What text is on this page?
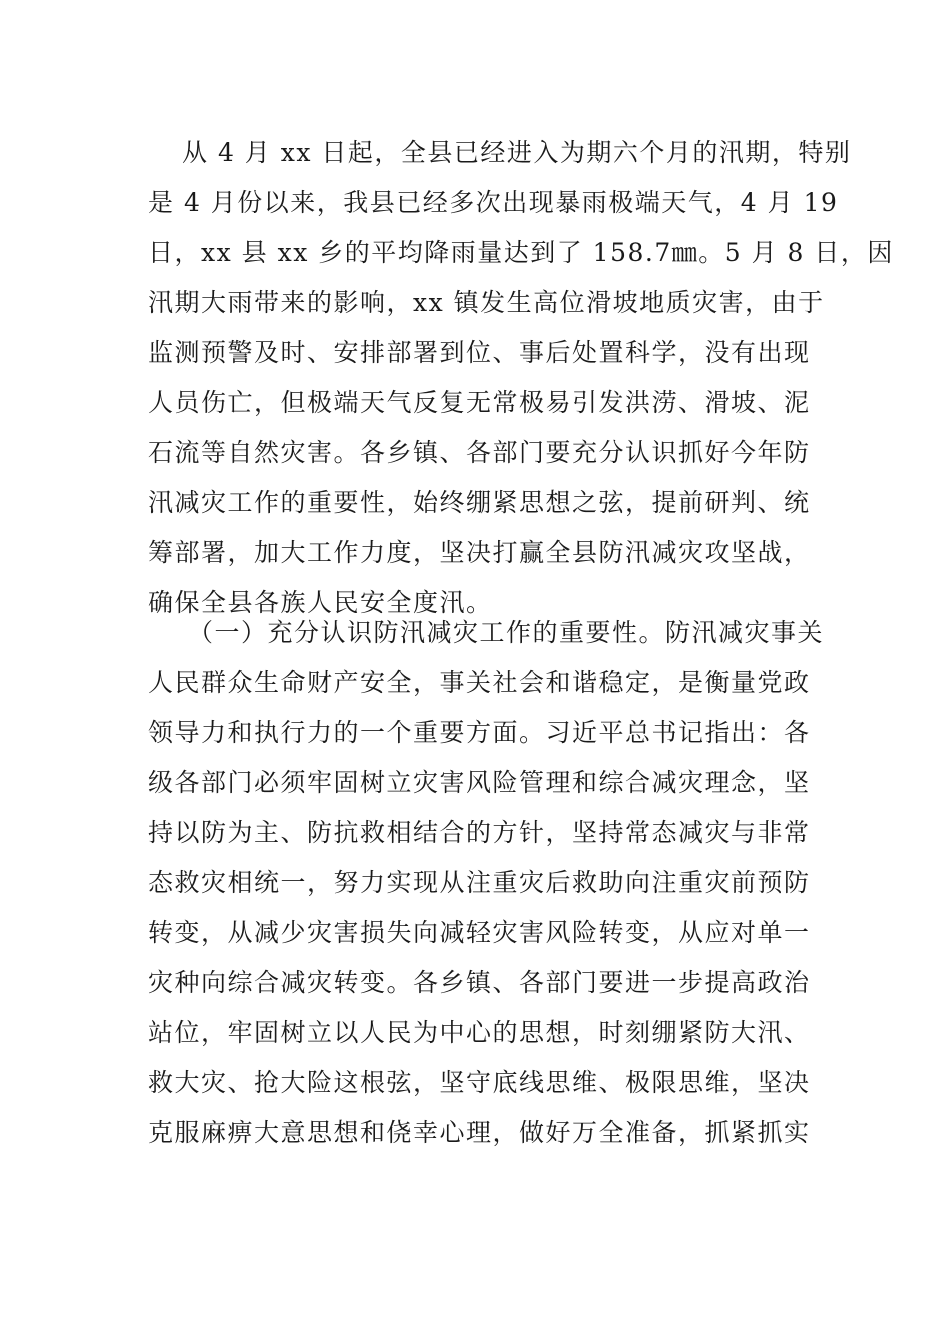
从 4 月 xx 日起，全县已经进入为期六个月的汛期，特别
是 4 月份以来，我县已经多次出现暴雨极端天气，4 月 19
日，xx 县 xx 乡的平均降雨量达到了 158.7㎜。5 月 8 日，因
汛期大雨带来的影响，xx 镇发生高位滑坡地质灾害，由于
监测预警及时、安排部署到位、事后处置科学，没有出现
人员伤亡，但极端天气反复无常极易引发洪涝、滑坡、泥
石流等自然灾害。各乡镇、各部门要充分认识抓好今年防
汛减灾工作的重要性，始终绷紧思想之弦，提前研判、统
筹部署，加大工作力度，坚决打赢全县防汛减灾攻坚战，
确保全县各族人民安全度汛。
（一）充分认识防汛减灾工作的重要性。防汛减灾事关
人民群众生命财产安全，事关社会和谐稳定，是衡量党政
领导力和执行力的一个重要方面。习近平总书记指出：各
级各部门必须牢固树立灾害风险管理和综合减灾理念，坚
持以防为主、防抗救相结合的方针，坚持常态减灾与非常
态救灾相统一，努力实现从注重灾后救助向注重灾前预防
转变，从减少灾害损失向减轻灾害风险转变，从应对单一
灾种向综合减灾转变。各乡镇、各部门要进一步提高政治
站位，牢固树立以人民为中心的思想，时刻绷紧防大汛、
救大灾、抢大险这根弦，坚守底线思维、极限思维，坚决
克服麻痹大意思想和侥幸心理，做好万全准备，抓紧抓实
